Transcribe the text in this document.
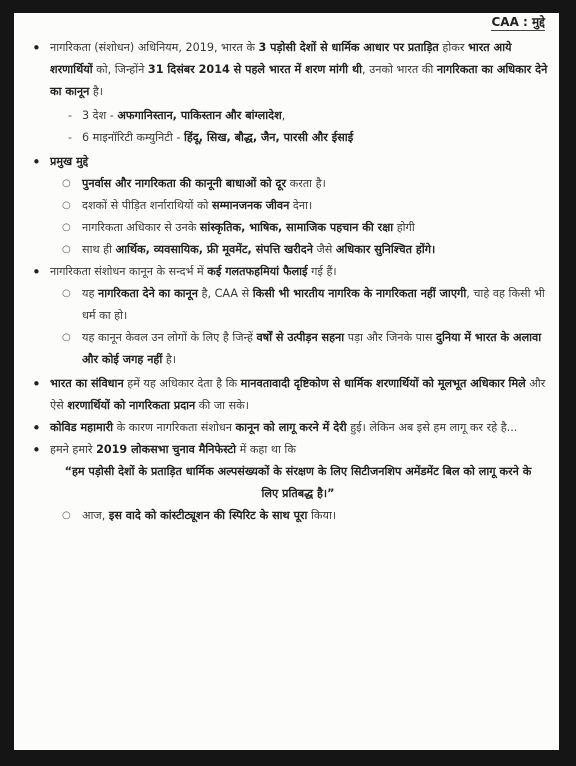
CAA : मुद्दे
• नागरिकता (संशोधन) अधिनियम, 2019, भारत के 3 पड़ोसी देशों से धार्मिक आधार पर प्रताड़ित होकर भारत आये शरणार्थियों को, जिन्होंने 31 दिसंबर 2014 से पहले भारत में शरण मांगी थी, उनको भारत की नागरिकता का अधिकार देने का कानून है।
- 3 देश - अफगानिस्तान, पाकिस्तान और बांग्लादेश,
- 6 माइनॉरिटी कम्युनिटी - हिंदू, सिख, बौद्ध, जैन, पारसी और ईसाई
• प्रमुख मुद्दे
○ पुनर्वास और नागरिकता की कानूनी बाधाओं को दूर करता है।
○ दशकों से पीड़ित शर्नाराथियों को सम्मानजनक जीवन देना।
○ नागरिकता अधिकार से उनके सांस्कृतिक, भाषिक, सामाजिक पहचान की रक्षा होगी
○ साथ ही आर्थिक, व्यवसायिक, फ्री मूवमेंट, संपत्ति खरीदने जैसे अधिकार सुनिश्चित होंगे।
• नागरिकता संशोधन कानून के सन्दर्भ में कई गलतफहमियां फैलाई गई हैं।
○ यह नागरिकता देने का कानून है, CAA से किसी भी भारतीय नागरिक के नागरिकता नहीं जाएगी, चाहे वह किसी भी धर्म का हो।
○ यह कानून केवल उन लोगों के लिए है जिन्हें वर्षों से उत्पीड़न सहना पड़ा और जिनके पास दुनिया में भारत के अलावा और कोई जगह नहीं है।
• भारत का संविधान हमें यह अधिकार देता है कि मानवतावादी दृष्टिकोण से धार्मिक शरणार्थियों को मूलभूत अधिकार मिले और ऐसे शरणार्थियों को नागरिकता प्रदान की जा सके।
• कोविड महामारी के कारण नागरिकता संशोधन कानून को लागू करने में देरी हुई। लेकिन अब इसे हम लागू कर रहे है...
• हमने हमारे 2019 लोकसभा चुनाव मैनिफेस्टो में कहा था कि
“हम पड़ोसी देशों के प्रताड़ित धार्मिक अल्पसंख्यकों के संरक्षण के लिए सिटीजनशिप अमेंडमेंट बिल को लागू करने के लिए प्रतिबद्ध है।”
○ आज, इस वादे को कांस्टीट्यूशन की स्पिरिट के साथ पूरा किया।
